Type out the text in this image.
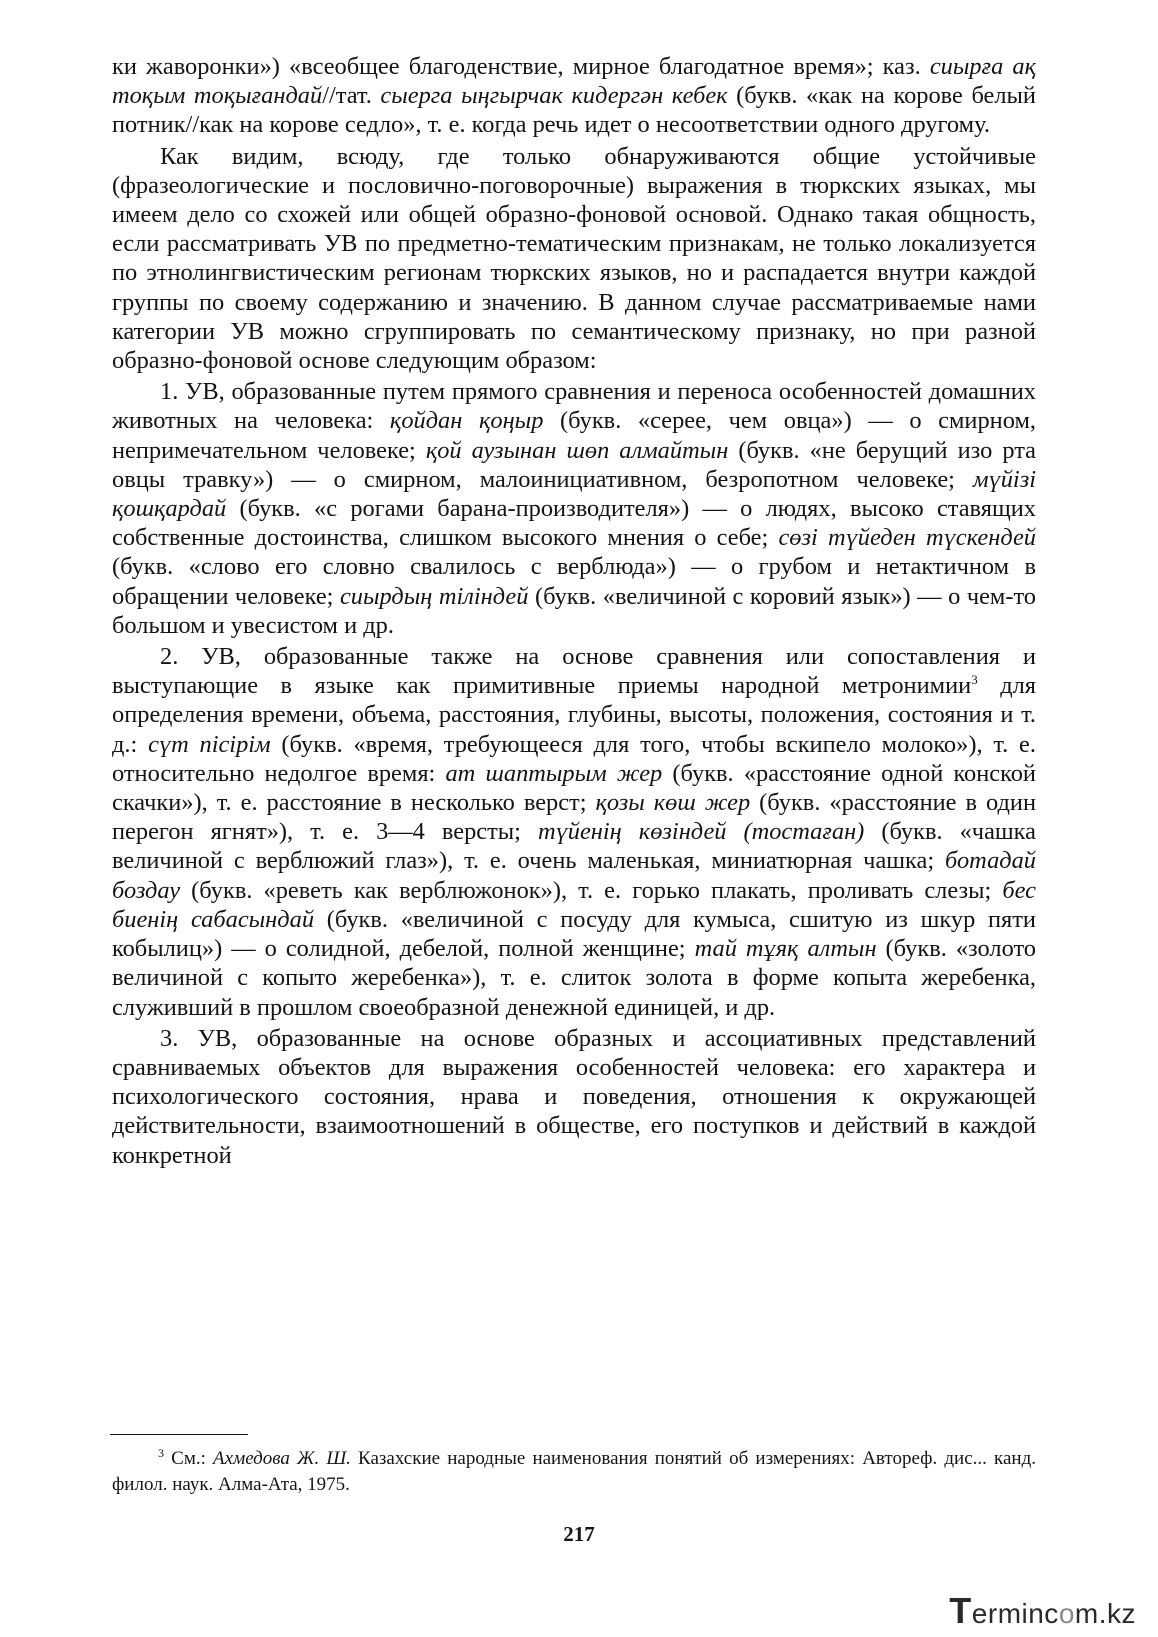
ки жаворонки») «всеобщее благоденствие, мирное благодатное время»; каз. сиырға ақ тоқым тоқығандай//тат. сыерга ыңгырчак кидергән кебек (букв. «как на корове белый потник//как на корове седло», т. е. когда речь идет о несоответствии одного другому.

Как видим, всюду, где только обнаруживаются общие устойчивые (фразеологические и пословично-поговорочные) выражения в тюркских языках, мы имеем дело со схожей или общей образно-фоновой основой. Однако такая общность, если рассматривать УВ по предметно-тематическим признакам, не только локализуется по этнолингвистическим регионам тюркских языков, но и распадается внутри каждой группы по своему содержанию и значению. В данном случае рассматриваемые нами категории УВ можно сгруппировать по семантическому признаку, но при разной образно-фоновой основе следующим образом:

1. УВ, образованные путем прямого сравнения и переноса особенностей домашних животных на человека: қойдан қоңыр (букв. «серее, чем овца») — о смирном, непримечательном человеке; қой аузынан шөп алмайтын (букв. «не берущий изо рта овцы травку») — о смирном, малоинициативном, безропотном человеке; мүйізі қошқардай (букв. «с рогами барана-производителя») — о людях, высоко ставящих собственные достоинства, слишком высокого мнения о себе; сөзі түйеден түскендей (букв. «слово его словно свалилось с верблюда») — о грубом и нетактичном в обращении человеке; сиырдың тіліндей (букв. «величиной с коровий язык») — о чем-то большом и увесистом и др.

2. УВ, образованные также на основе сравнения или сопоставления и выступающие в языке как примитивные приемы народной метронимии$^3$ для определения времени, объема, расстояния, глубины, высоты, положения, состояния и т. д.: сүт пісірім (букв. «время, требующееся для того, чтобы вскипело молоко»), т. е. относительно недолгое время: ат шаптырым жер (букв. «расстояние одной конской скачки»), т. е. расстояние в несколько верст; қозы көш жер (букв. «расстояние в один перегон ягнят»), т. е. 3—4 версты; түйенің көзіндей (тостаған) (букв. «чашка величиной с верблюжий глаз»), т. е. очень маленькая, миниатюрная чашка; ботадай боздау (букв. «реветь как верблюжонок»), т. е. горько плакать, проливать слезы; бес биенің сабасындай (букв. «величиной с посуду для кумыса, сшитую из шкур пяти кобылиц») — о солидной, дебелой, полной женщине; тай тұяқ алтын (букв. «золото величиной с копыто жеребенка»), т. е. слиток золота в форме копыта жеребенка, служивший в прошлом своеобразной денежной единицей, и др.

3. УВ, образованные на основе образных и ассоциативных представлений сравниваемых объектов для выражения особенностей человека: его характера и психологического состояния, нрава и поведения, отношения к окружающей действительности, взаимоотношений в обществе, его поступков и действий в каждой конкретной

$^3$ См.: Ахмедова Ж. Ш. Казахские народные наименования понятий об измерениях: Автореф. дис... канд. филол. наук. Алма-Ата, 1975.

217
Termincom.kz
